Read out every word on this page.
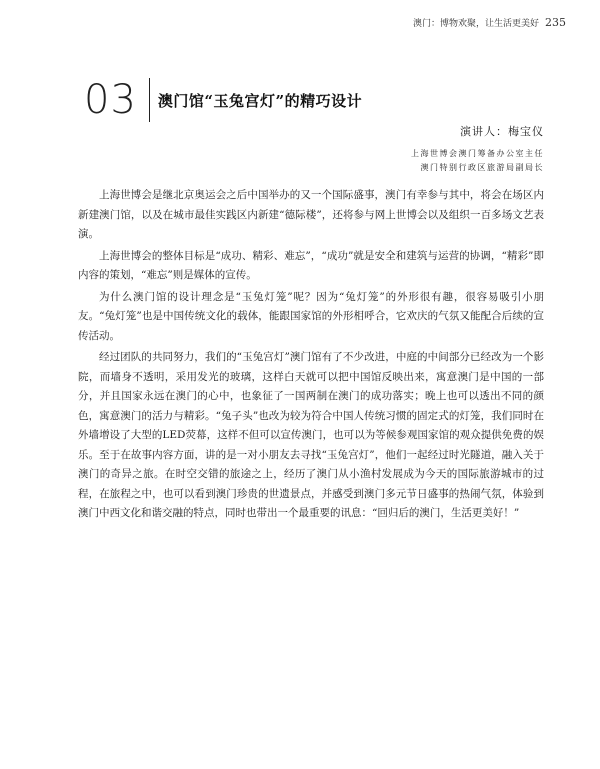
澳门：博物欢聚，让生活更美好 235
03 澳门馆“玉兔宫灯”的精巧设计
演讲人：梅宝仪
上海世博会澳门筹备办公室主任
澳门特别行政区旅游局副局长

上海世博会是继北京奥运会之后中国举办的又一个国际盛事，澳门有幸参与其中，将会在场区内新建澳门馆，以及在城市最佳实践区内新建“德际楼”，还将参与网上世博会以及组织一百多场文艺表演。

上海世博会的整体目标是“成功、精彩、难忘”，“成功”就是安全和建筑与运营的协调，“精彩”即内容的策划，“难忘”则是媒体的宣传。

为什么澳门馆的设计理念是“玉兔灯笼”呢？因为“兔灯笼”的外形很有趣，很容易吸引小朋友。“兔灯笼”也是中国传统文化的载体，能跟国家馆的外形相呼合，它欢庆的气氛又能配合后续的宣传活动。

经过团队的共同努力，我们的“玉兔宫灯”澳门馆有了不少改进，中庭的中间部分已经改为一个影院，而墙身不透明，采用发光的玻璃，这样白天就可以把中国馆反映出来，寓意澳门是中国的一部分，并且国家永远在澳门的心中，也象征了一国两制在澳门的成功落实；晚上也可以透出不同的颜色，寓意澳门的活力与精彩。“兔子头”也改为较为符合中国人传统习惯的固定式的灯笼，我们同时在外墙增设了大型的LED荧幕，这样不但可以宣传澳门，也可以为等候参观国家馆的观众提供免费的娱乐。至于在故事内容方面，讲的是一对小朋友去寻找“玉兔宫灯”，他们一起经过时光隧道，融入关于澳门的奇异之旅。在时空交错的旅途之上，经历了澳门从小渔村发展成为今天的国际旅游城市的过程，在旅程之中，也可以看到澳门珍贵的世遗景点，并感受到澳门多元节日盛事的热闹气氛，体验到澳门中西文化和谐交融的特点，同时也带出一个最重要的讯息：“回归后的澳门，生活更美好！”
